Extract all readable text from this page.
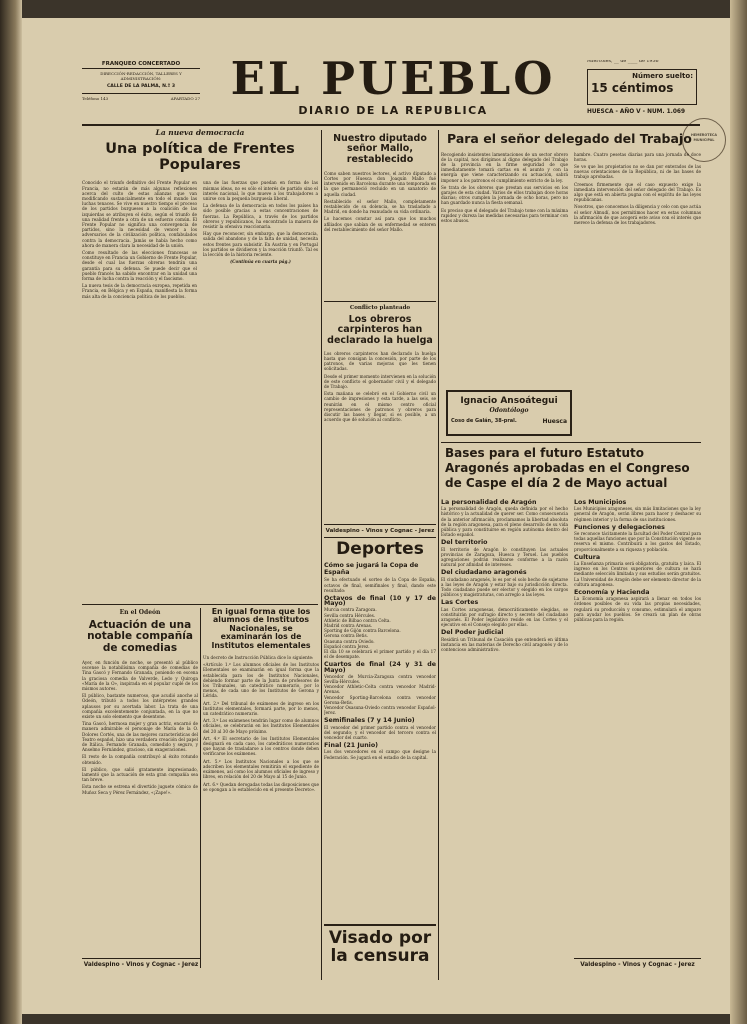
FRANQUEO CONCERTADO
DIRECCIÓN-REDACCIÓN, TALLERES Y ADMINISTRACIÓN:
CALLE DE LA PALMA, N.º 3
Teléfono 143	APARTADO 27 EL PUEBLO
DIARIO DE LA REPUBLICA
Miércoles, __ de ____ de 1936
Número suelto:
15 céntimos
HUESCA - AÑO V - NUM. 1.069
HEMEROTECA MUNICIPAL
La nueva democracia
Una política de Frentes Populares

Conocido el triunfo definitivo del Frente Popular en Francia, no estarán de más algunas reflexiones acerca del culto de estas alianzas que van modificando sustancialmente en todo el mundo las luchas tenaces. Se vive en nuestro tiempo el proceso de los partidos burgueses a la coalición de las izquierdas se atribuyen el éxito, según el triunfo de una realidad frente a otra de un esfuerzo común. El Frente Popular no significa una convergencia de partidos, sino la necesidad de vencer a los adversarios de la civilización política, confabulados contra la democracia. Jamás se había hecho como ahora de manera clara la necesidad de la unión.

Como resultado de las elecciones francesas se constituye en Francia un Gobierno de Frente Popular, desde el cual las fuerzas obreras tendrán una garantía para su defensa. Se puede decir que el pueblo francés ha sabido encontrar en la unidad una forma de lucha contra la reacción y el fascismo.

La nueva tesis de la democracia europea, repetida en Francia, en Bélgica y en España, manifiesta la forma más alta de la conciencia política de los pueblos.

una de las fuerzas que puedan en forma de las mismas ideas, no es sólo el interés de partido sino el interés nacional, lo que mueve a los trabajadores a unirse con la pequeña burguesía liberal.

La defensa de la democracia en todos los países ha sido posible gracias a estas concentraciones de fuerzas. La República, a través de los partidos obreros y republicanos, ha encontrado la manera de resistir la ofensiva reaccionaria.

Hay que reconocer, sin embargo, que la democracia, salida del abandono y de la falta de unidad, necesita estos frentes para subsistir. En Austria y en Portugal los partidos se dividieron y la reacción triunfó. Tal es la lección de la historia reciente.

(Continúa en cuarta pág.)

En el Odeón
Actuación de una notable compañía de comedias

Ayer, en función de noche, se presentó al público oscense la notabilísima compañía de comedias de Tina Gascó y Fernando Granada, poniendo en escena la graciosa comedia de Valverde, Ledo y Quiroga «María de la O», inspirada en el popular cuplé de los mismos autores.

El público, bastante numeroso, que acudió anoche al Odeón, tributó a todos los intérpretes grandes aplausos por su acertada labor. La trata de una compañía excelentemente conjuntada, en la que no existe un solo elemento que desentone.

Tina Gascó, hermosa mujer y gran actriz, encarnó de manera admirable el personaje de María de la O. Dolores Cortés, una de las mejores características del Teatro español, hizo una verdadera creación del papel de Itálica. Fernando Granada, comedido y seguro, y Anselmo Fernández, gracioso, sin exageraciones.

El resto de la compañía contribuyó al éxito rotundo obtenido.

El público, que salió gratamente impresionado, lamentó que la actuación de esta gran compañía sea tan breve.

Esta noche se estrena el divertido juguete cómico de Muñoz Seca y Pérez Fernández, «¡Zape!».

En igual forma que los alumnos de Institutos Nacionales, se examinarán los de Institutos elementales

Un decreto de Instrucción Pública dice lo siguiente:

«Artículo 1.º Los alumnos oficiales de los Institutos Elementales se examinarán en igual forma que la establecida para los de Institutos Nacionales, debiendo formar parte de la Junta de profesores de los Tribunales, un catedrático numerario, por lo menos, de cada uno de los Institutos de Gerona y Lérida.

Art. 2.º Del tribunal de exámenes de ingreso en los Institutos elementales, formará parte, por lo menos, un catedrático numerario.

Art. 3.º Los exámenes tendrán lugar como de alumnos oficiales, se celebrarán en los Institutos Elementales del 20 al 30 de Mayo próximo.

Art. 4.º El secretario de los Institutos Elementales designará en cada caso, los catedráticos numerarios que hayan de trasladarse a los centros donde deben verificarse los exámenes.

Art. 5.º Los Institutos Nacionales a los que se adscriben los elementales remitirán el expediente de exámenes, así como los alumnos oficiales de ingreso y libres, en relación del 20 de Mayo al 15 de Junio.

Art. 6.º Quedan derogadas todas las disposiciones que se opongan a lo establecido en el presente Decreto».

Valdespino - Vinos y Cognac - Jerez
Nuestro diputado señor Mallo, restablecido

Como saben nuestros lectores, el activo diputado a Cortes por Huesca don Joaquín Mallo fué intervenido en Barcelona durante una temporada en la que permaneció recluido en un sanatorio de aquella ciudad.

Restablecido el señor Mallo, completamente restablecido de su dolencia, se ha trasladado a Madrid, en donde ha reanudado su vida ordinaria.

Lo hacemos constar así para que los muchos afiliados que sabían de su enfermedad se enteren del restablecimiento del señor Mallo.

Conflicto planteado
Los obreros carpinteros han declarado la huelga

Los obreros carpinteros han declarado la huelga hasta que consigan la concesión, por parte de los patronos, de varias mejoras que les tienen solicitadas.

Desde el primer momento intervienen en la solución de este conflicto el gobernador civil y el delegado de Trabajo.

Esta mañana se celebró en el Gobierno civil un cambio de impresiones y esta tarde, a las seis, se reunirán en el mismo centro oficial representaciones de patronos y obreros para discutir las bases y llegar, si es posible, a un acuerdo que dé solución al conflicto.

Valdespino - Vinos y Cognac - Jerez
Deportes
Cómo se jugará la Copa de España

Se ha efectuado el sorteo de la Copa de España, octavos de final, semifinales y final, dando este resultado:

Octavos de final (10 y 17 de Mayo)

Murcia contra Zaragoza.

Sevilla contra Hércules.

Athletic de Bilbao contra Celta.

Madrid contra Arenas.

Sporting de Gijón contra Barcelona.

Gerona contra Betis.

Osasuna contra Oviedo.

Español contra Jerez.

El día 10 se celebrará el primer partido y el día 17 el de desempate.

Cuartos de final (24 y 31 de Mayo)

Vencedor de Murcia-Zaragoza contra vencedor Sevilla-Hércules.

Vencedor Athletic-Celta contra vencedor Madrid-Arenas.

Vencedor Sporting-Barcelona contra vencedor Gerona-Betis.

Vencedor Osasuna-Oviedo contra vencedor Español-Jerez.

Semifinales (7 y 14 Junio)

El vencedor del primer partido contra el vencedor del segundo; y el vencedor del tercero contra el vencedor del cuarto.

Final (21 Junio)

Los dos vencedores en el campo que designe la Federación. Se jugará en el estadio de la capital.

Visado por la censura
Para el señor delegado del Trabajo

Recogiendo insistentes lamentaciones de un sector obrero de la capital, nos dirigimos al digno delegado del Trabajo de la provincia en la firme seguridad de que inmediatamente tomará cartas en el asunto y con la energía que viene caracterizando su actuación, sabrá imponer a los patronos el cumplimiento estricto de la ley.

Se trata de los obreros que prestan sus servicios en los garajes de esta ciudad. Varios de ellos trabajan doce horas diarias; otros cumplen la jornada de ocho horas, pero no han guardado nunca la fiesta semanal.

Es preciso que el delegado del Trabajo tome con la máxima rapidez y dureza las medidas necesarias para terminar con estos abusos.

hambre. Cuatro pesetas diarias para una jornada de doce horas.

Se ve que los propietarios no se dan por enterados de las nuevas orientaciones de la República, ni de las bases de trabajo aprobadas.

Creemos firmemente que el caso expuesto exige la inmediata intervención del señor delegado del Trabajo. Es algo que está en abierta pugna con el espíritu de las leyes republicanas.

Nosotros, que conocemos la diligencia y celo con que actúa el señor Almudí, nos permitimos hacer en estas columnas la afirmación de que acogerá este aviso con el interés que merece la defensa de los trabajadores.

Ignacio Ansoátegui
Odontólogo
Coso de Galán, 38-pral.	Huesca
Bases para el futuro Estatuto Aragonés aprobadas en el Congreso de Caspe el día 2 de Mayo actual
La personalidad de Aragón

La personalidad de Aragón, queda definida por el hecho histórico y la actualidad de querer ser. Como consecuencia de la anterior afirmación, proclamamos la libertad absoluta de la región aragonesa, para el pleno desarrollo de su vida pública y para constituirse en región autónoma dentro del Estado español.

Del territorio

El territorio de Aragón lo constituyen las actuales provincias de Zaragoza, Huesca y Teruel. Los pueblos agregaciones podrán realizarse conforme a la razón natural por afinidad de intereses.

Del ciudadano aragonés

El ciudadano aragonés, lo es por el solo hecho de sujetarse a las leyes de Aragón y estar bajo su jurisdicción directa. Todo ciudadano puede ser elector y elegido en los cargos públicos y magistraturas, con arreglo a las leyes.

Las Cortes

Las Cortes aragonesas, democráticamente elegidas, se constituirán por sufragio directo y secreto del ciudadano aragonés. El Poder legislativo reside en las Cortes y el ejecutivo en el Consejo elegido por ellas.

Del Poder judicial

Residirá un Tribunal de Casación que entenderá en última instancia en las materias de Derecho civil aragonés y de lo contencioso administrativo.

Los Municipios

Los Municipios aragoneses, sin más limitaciones que la ley general de Aragón, serán libres para hacer y deshacer su régimen interior y la forma de sus instituciones.

Funciones y delegaciones

Se reconoce tácitamente la facultad del Poder Central para todas aquellas funciones que por la Constitución vigente se reserva el mismo. Contribuirá a los gastos del Estado, proporcionalmente a su riqueza y población.

Cultura

La Enseñanza primaria será obligatoria, gratuita y laica. El ingreso en los Centros superiores de cultura se hará mediante selección limitada y sus estudios serán gratuitos. La Universidad de Aragón debe ser elemento director de la cultura aragonesa.

Economía y Hacienda

La Economía aragonesa aspirará a llenar en todos los órdenes posibles de su vida las propias necesidades, regulará su producción y consumo, estimulará el amparo para ayudar los pueblos. Se creará un plan de obras públicas para la región.

Valdespino - Vinos y Cognac - Jerez
